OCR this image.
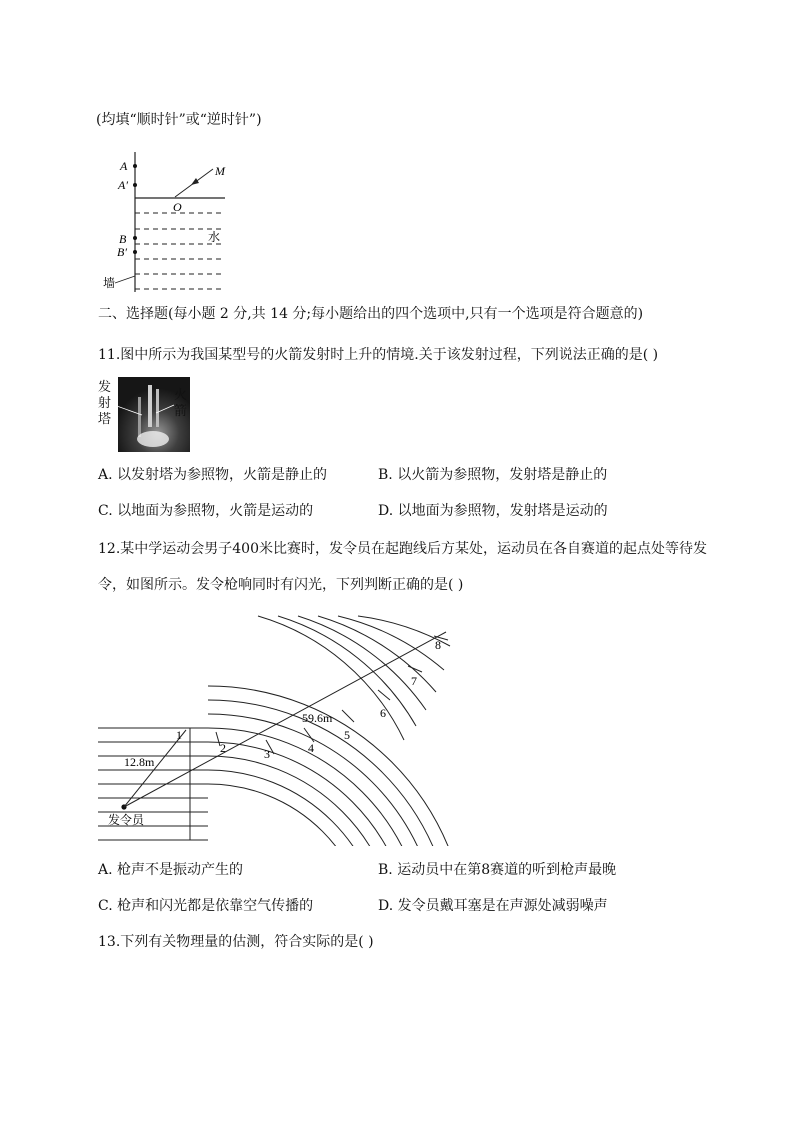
(均填“顺时针”或“逆时针”)
A
A′
B
B′
墙
水
M
O
二、选择题(每小题 2 分,共 14 分;每小题给出的四个选项中,只有一个选项是符合题意的)
11.图中所示为我国某型号的火箭发射时上升的情境.关于该发射过程，下列说法正确的是( )
发
射
塔
火
箭
A. 以发射塔为参照物，火箭是静止的	B. 以火箭为参照物，发射塔是静止的
C. 以地面为参照物，火箭是运动的	D. 以地面为参照物，发射塔是运动的
12.某中学运动会男子400米比赛时，发令员在起跑线后方某处，运动员在各自赛道的起点处等待发
令，如图所示。发令枪响同时有闪光，下列判断正确的是( )
1
2	3	4
5
6
7
8
59.6m
12.8m
发令员
A. 枪声不是振动产生的	B. 运动员中在第8赛道的听到枪声最晚
C. 枪声和闪光都是依靠空气传播的	D. 发令员戴耳塞是在声源处减弱噪声
13.下列有关物理量的估测，符合实际的是( )
